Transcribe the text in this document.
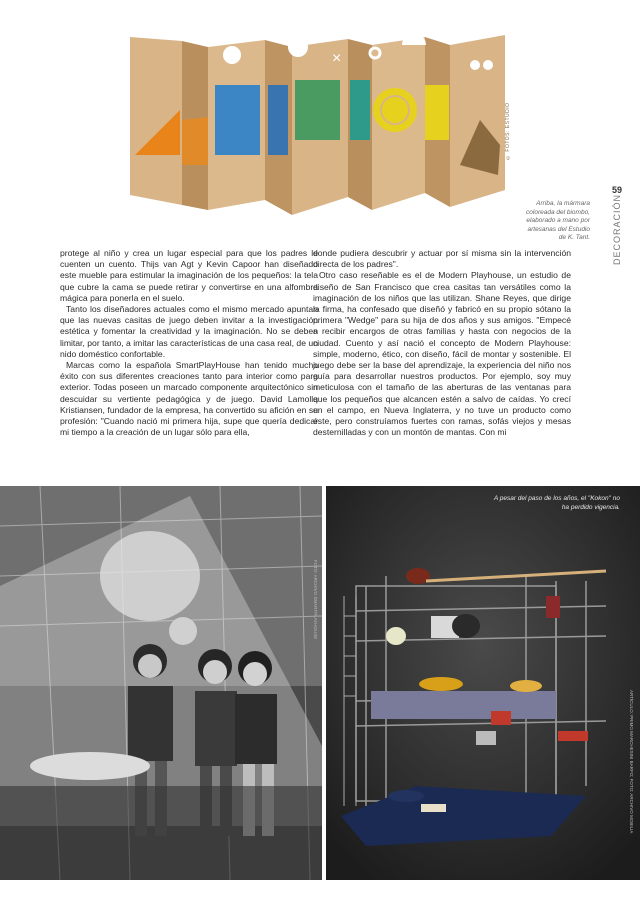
×
© FOTOS: ESTUDIO
Arriba, la mármara coloreada del biombo, elaborado a mano por artesanas del Estudio de K. Tant.
59
DECORACIÓN

protege al niño y crea un lugar especial para que los padres le cuenten un cuento. Thijs van Agt y Kevin Capoor han diseñado este mueble para estimular la imaginación de los pequeños: la tela que cubre la cama se puede retirar y convertirse en una alfombra mágica para ponerla en el suelo.

Tanto los diseñadores actuales como el mismo mercado apuntan que las nuevas casitas de juego deben invitar a la investigación estética y fomentar la creatividad y la imaginación. No se deben limitar, por tanto, a imitar las características de una casa real, de un nido doméstico confortable.

Marcas como la española SmartPlayHouse han tenido mucho éxito con sus diferentes creaciones tanto para interior como para exterior. Todas poseen un marcado componente arquitectónico sin descuidar su vertiente pedagógica y de juego. David Lamolla Kristiansen, fundador de la empresa, ha convertido su afición en su profesión: "Cuando nació mi primera hija, supe que quería dedicar mi tiempo a la creación de un lugar sólo para ella,

donde pudiera descubrir y actuar por sí misma sin la intervención directa de los padres".

Otro caso reseñable es el de Modern Playhouse, un estudio de diseño de San Francisco que crea casitas tan versátiles como la imaginación de los niños que las utilizan. Shane Reyes, que dirige la firma, ha confesado que diseñó y fabricó en su propio sótano la primera "Wedge" para su hija de dos años y sus amigos. "Empecé a recibir encargos de otras familias y hasta con negocios de la ciudad. Cuento y así nació el concepto de Modern Playhouse: simple, moderno, ético, con diseño, fácil de montar y sostenible. El juego debe ser la base del aprendizaje, la experiencia del niño nos guía para desarrollar nuestros productos. Por ejemplo, soy muy meticulosa con el tamaño de las aberturas de las ventanas para que los pequeños que alcancen estén a salvo de caídas. Yo crecí en el campo, en Nueva Inglaterra, y no tuve un producto como éste, pero construíamos fuertes con ramas, sofás viejos y mesas desternilladas y con un montón de mantas. Con mi

FOTO: ARCHIVO SMARTPLAYHOUSE
A pesar del paso de los años, el "Kokon" no ha perdido vigencia.
ARTÍCULO: PRIMO MARCHESINI BARFO; FOTO: ARCHIVO MOBILIA
